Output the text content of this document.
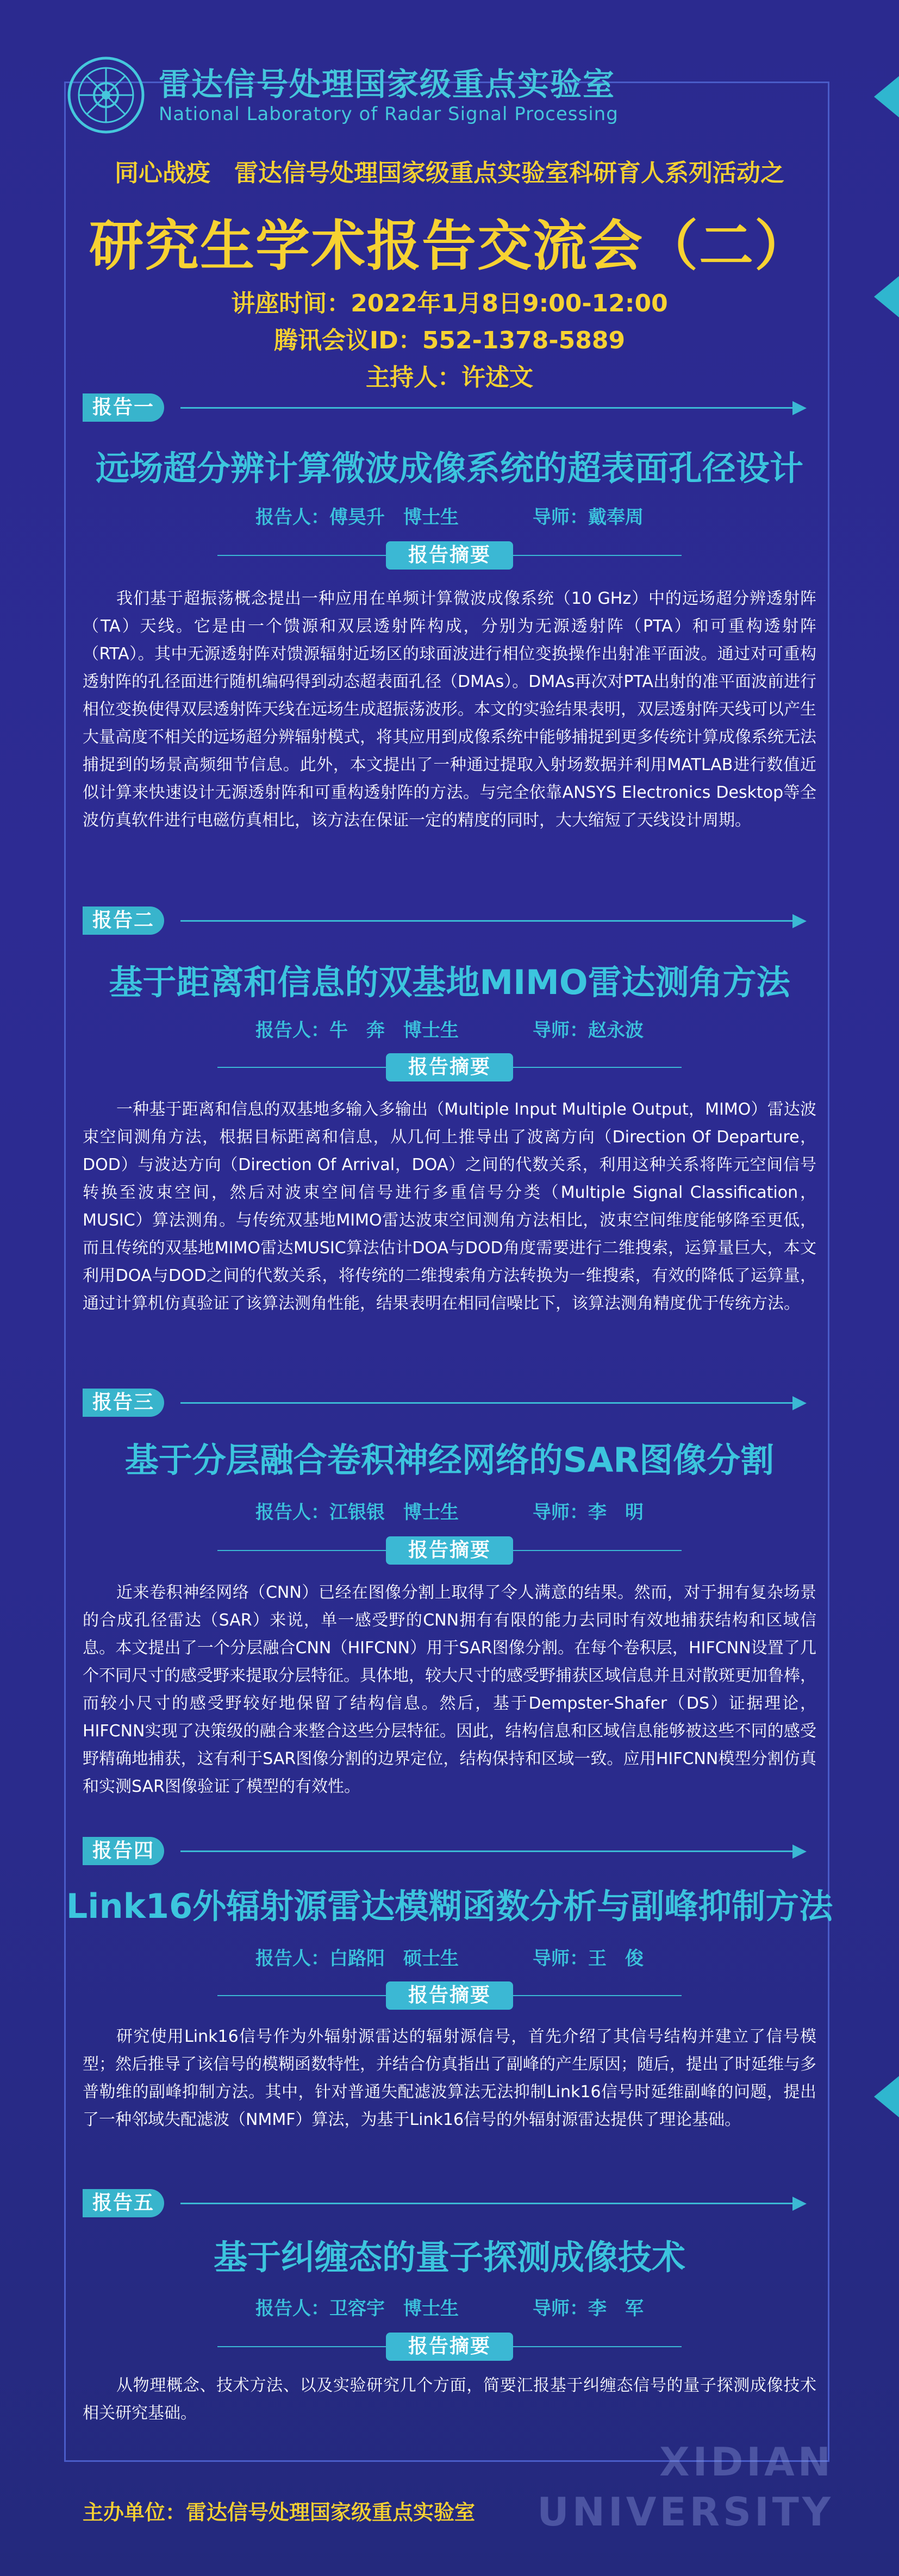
雷达信号处理国家级重点实验室
National Laboratory of Radar Signal Processing
同心战疫　雷达信号处理国家级重点实验室科研育人系列活动之
研究生学术报告交流会（二）
讲座时间：2022年1月8日9:00-12:00
腾讯会议ID：552-1378-5889
主持人：许述文
报告一
远场超分辨计算微波成像系统的超表面孔径设计
报告人：傅昊升　博士生　　　　导师：戴奉周
报告摘要
我们基于超振荡概念提出一种应用在单频计算微波成像系统（10 GHz）中的远场超分辨透射阵（TA）天线。它是由一个馈源和双层透射阵构成，分别为无源透射阵（PTA）和可重构透射阵（RTA）。其中无源透射阵对馈源辐射近场区的球面波进行相位变换操作出射准平面波。通过对可重构透射阵的孔径面进行随机编码得到动态超表面孔径（DMAs）。DMAs再次对PTA出射的准平面波前进行相位变换使得双层透射阵天线在远场生成超振荡波形。本文的实验结果表明，双层透射阵天线可以产生大量高度不相关的远场超分辨辐射模式，将其应用到成像系统中能够捕捉到更多传统计算成像系统无法捕捉到的场景高频细节信息。此外，本文提出了一种通过提取入射场数据并利用MATLAB进行数值近似计算来快速设计无源透射阵和可重构透射阵的方法。与完全依靠ANSYS Electronics Desktop等全波仿真软件进行电磁仿真相比，该方法在保证一定的精度的同时，大大缩短了天线设计周期。
报告二
基于距离和信息的双基地MIMO雷达测角方法
报告人：牛　奔　博士生　　　　导师：赵永波
报告摘要
一种基于距离和信息的双基地多输入多输出（Multiple Input Multiple Output，MIMO）雷达波束空间测角方法，根据目标距离和信息，从几何上推导出了波离方向（Direction Of Departure，DOD）与波达方向（Direction Of Arrival，DOA）之间的代数关系，利用这种关系将阵元空间信号转换至波束空间，然后对波束空间信号进行多重信号分类（Multiple Signal Classification，MUSIC）算法测角。与传统双基地MIMO雷达波束空间测角方法相比，波束空间维度能够降至更低，而且传统的双基地MIMO雷达MUSIC算法估计DOA与DOD角度需要进行二维搜索，运算量巨大，本文利用DOA与DOD之间的代数关系，将传统的二维搜索角方法转换为一维搜索，有效的降低了运算量，通过计算机仿真验证了该算法测角性能，结果表明在相同信噪比下，该算法测角精度优于传统方法。
报告三
基于分层融合卷积神经网络的SAR图像分割
报告人：江银银　博士生　　　　导师：李　明
报告摘要
近来卷积神经网络（CNN）已经在图像分割上取得了令人满意的结果。然而，对于拥有复杂场景的合成孔径雷达（SAR）来说，单一感受野的CNN拥有有限的能力去同时有效地捕获结构和区域信息。本文提出了一个分层融合CNN（HIFCNN）用于SAR图像分割。在每个卷积层，HIFCNN设置了几个不同尺寸的感受野来提取分层特征。具体地，较大尺寸的感受野捕获区域信息并且对散斑更加鲁棒，而较小尺寸的感受野较好地保留了结构信息。然后，基于Dempster-Shafer（DS）证据理论，HIFCNN实现了决策级的融合来整合这些分层特征。因此，结构信息和区域信息能够被这些不同的感受野精确地捕获，这有利于SAR图像分割的边界定位，结构保持和区域一致。应用HIFCNN模型分割仿真和实测SAR图像验证了模型的有效性。
报告四
Link16外辐射源雷达模糊函数分析与副峰抑制方法
报告人：白路阳　硕士生　　　　导师：王　俊
报告摘要
研究使用Link16信号作为外辐射源雷达的辐射源信号，首先介绍了其信号结构并建立了信号模型；然后推导了该信号的模糊函数特性，并结合仿真指出了副峰的产生原因；随后，提出了时延维与多普勒维的副峰抑制方法。其中，针对普通失配滤波算法无法抑制Link16信号时延维副峰的问题，提出了一种邻域失配滤波（NMMF）算法，为基于Link16信号的外辐射源雷达提供了理论基础。
报告五
基于纠缠态的量子探测成像技术
报告人：卫容宇　博士生　　　　导师：李　军
报告摘要
从物理概念、技术方法、以及实验研究几个方面，简要汇报基于纠缠态信号的量子探测成像技术相关研究基础。
XIDIAN
UNIVERSITY
主办单位：雷达信号处理国家级重点实验室
